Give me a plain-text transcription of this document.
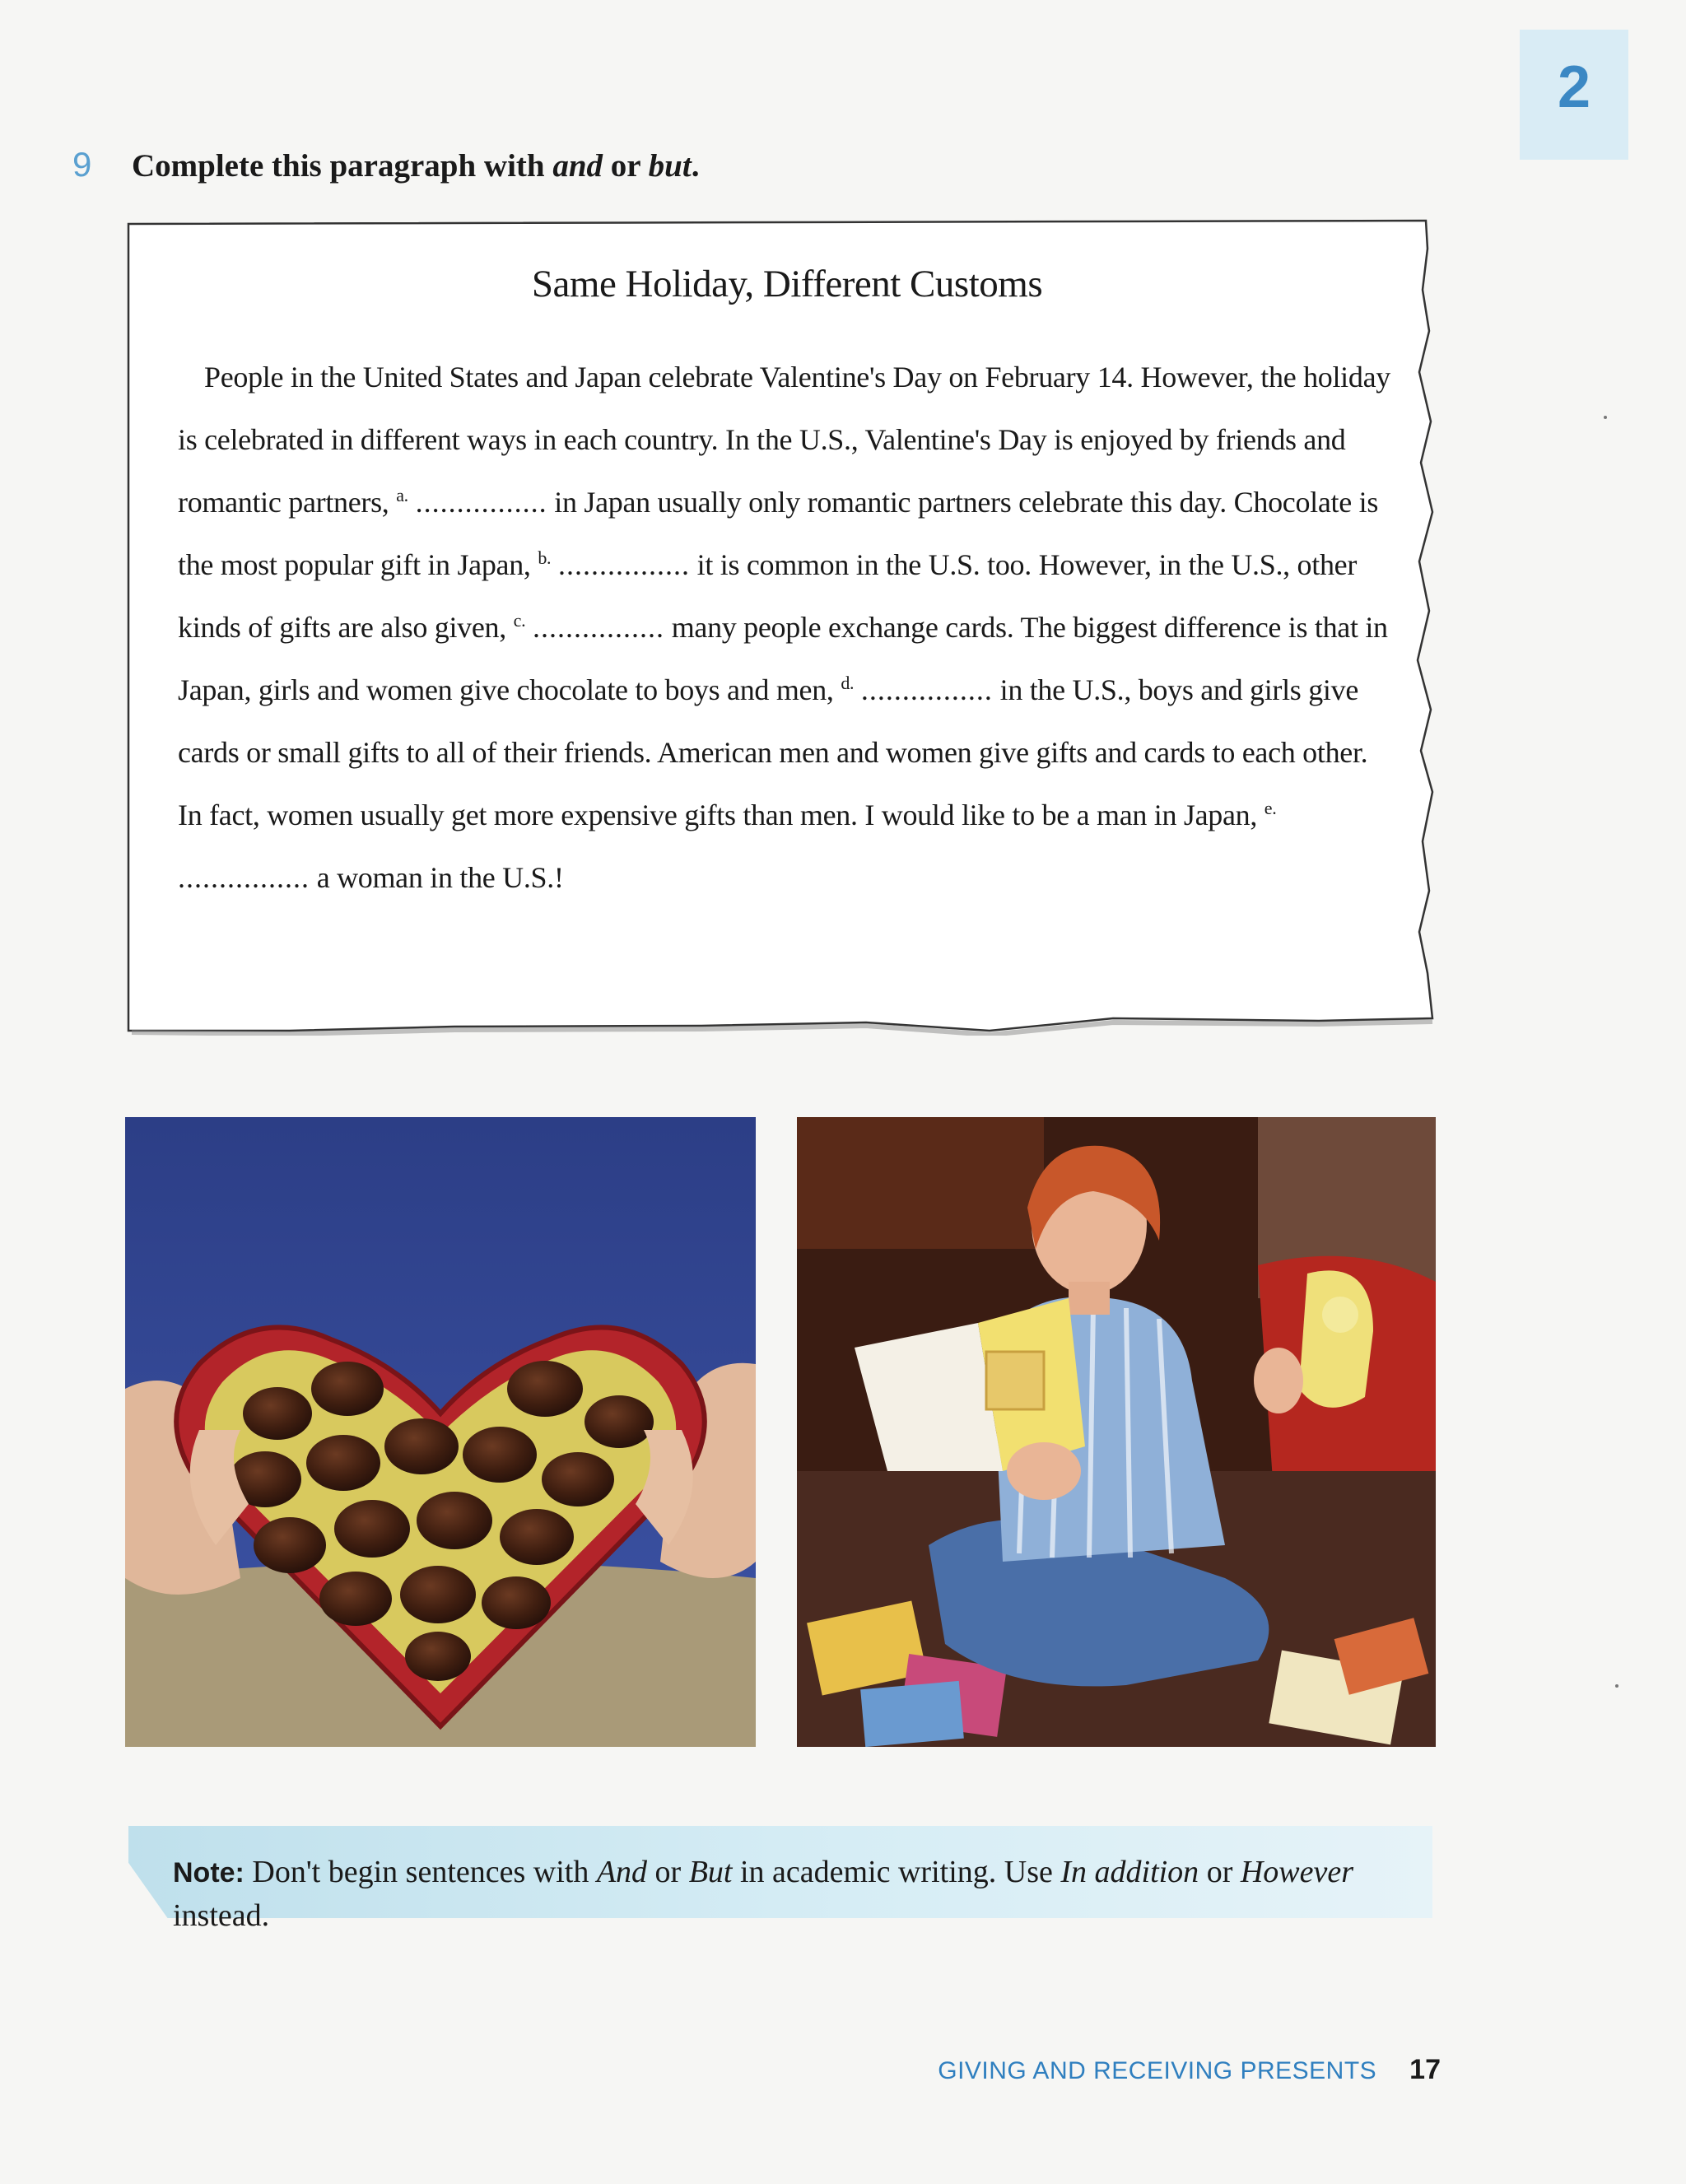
2
9	Complete this paragraph with and or but.
Same Holiday, Different Customs

People in the United States and Japan celebrate Valentine's Day on February 14. However, the holiday is celebrated in different ways in each country. In the U.S., Valentine's Day is enjoyed by friends and romantic partners, $^{a.}$ ................ in Japan usually only romantic partners celebrate this day. Chocolate is the most popular gift in Japan, $^{b.}$ ................ it is common in the U.S. too. However, in the U.S., other kinds of gifts are also given, $^{c.}$ ................ many people exchange cards. The biggest difference is that in Japan, girls and women give chocolate to boys and men, $^{d.}$ ................ in the U.S., boys and girls give cards or small gifts to all of their friends. American men and women give gifts and cards to each other. In fact, women usually get more expensive gifts than men. I would like to be a man in Japan, $^{e.}$ ................ a woman in the U.S.!

Note: Don't begin sentences with And or But in academic writing. Use In addition or However instead.
GIVING AND RECEIVING PRESENTS 17
